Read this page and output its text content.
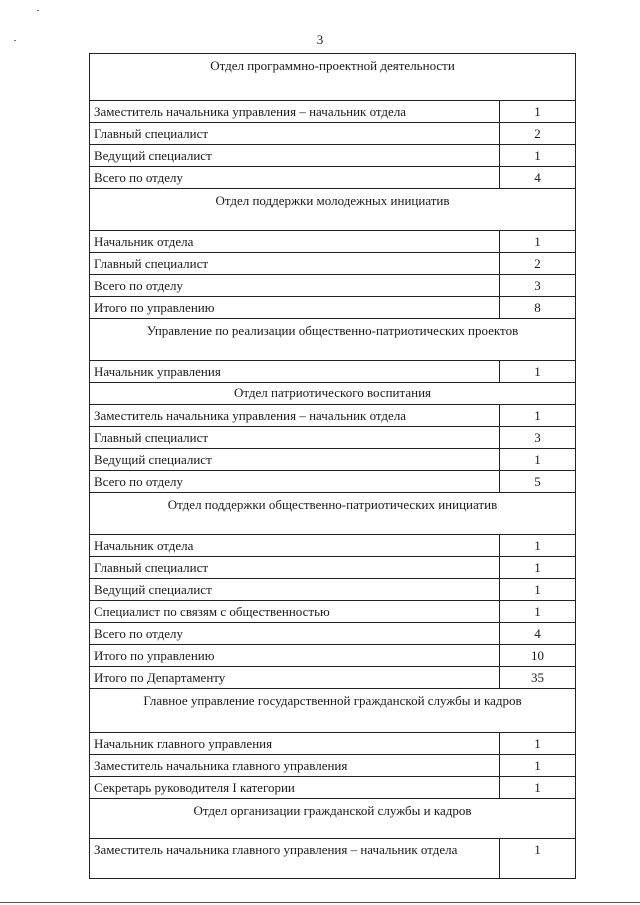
3
Отдел программно-проектной деятельности	

Заместитель начальника управления – начальник отдела	1
Главный специалист	2
Ведущий специалист	1
Всего по отделу	4

Отдел поддержки молодежных инициатив	

Начальник отдела	1
Главный специалист	2
Всего по отделу	3
Итого по управлению	8

Управление по реализации общественно-патриотических проектов	

Начальник управления	1

Отдел патриотического воспитания	

Заместитель начальника управления – начальник отдела	1
Главный специалист	3
Ведущий специалист	1
Всего по отделу	5

Отдел поддержки общественно-патриотических инициатив	

Начальник отдела	1
Главный специалист	1
Ведущий специалист	1
Специалист по связям с общественностью	1
Всего по отделу	4
Итого по управлению	10
Итого по Департаменту	35

Главное управление государственной гражданской службы и кадров	

Начальник главного управления	1
Заместитель начальника главного управления	1
Секретарь руководителя I категории	1

Отдел организации гражданской службы и кадров	

Заместитель начальника главного управления – начальник отдела	1
